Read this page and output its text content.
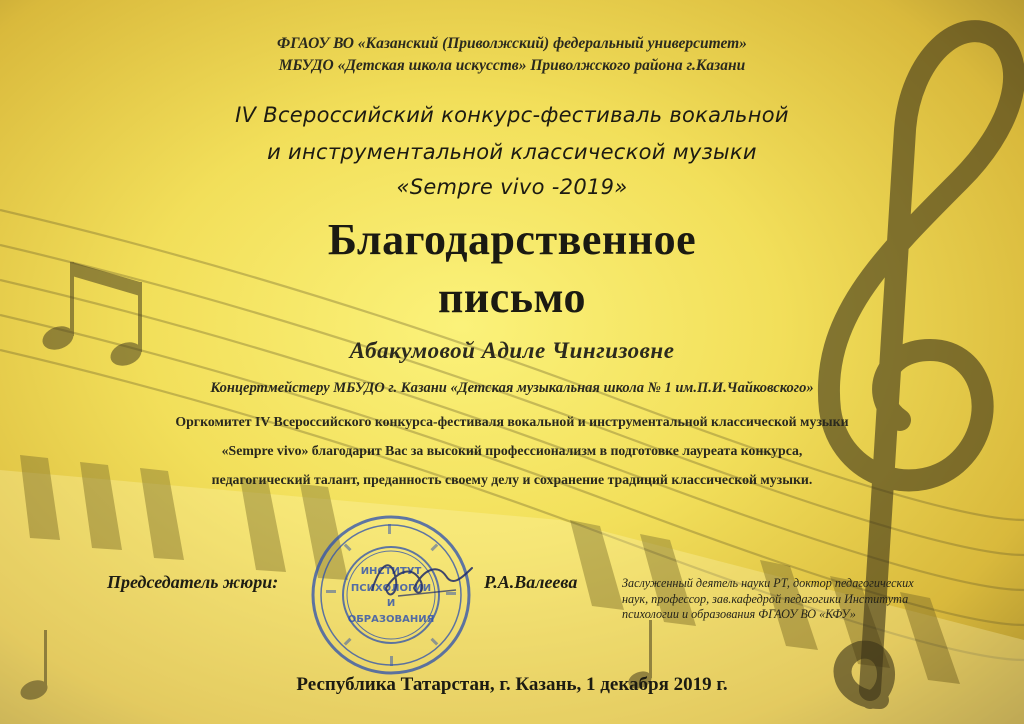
ИНСТИТУТ
ПСИХОЛОГИИ
И
ОБРАЗОВАНИЯ
ФГАОУ ВО «Казанский (Приволжский) федеральный университет»
МБУДО «Детская школа искусств» Приволжского района г.Казани
IV Всероссийский конкурс-фестиваль вокальной
и инструментальной классической музыки
«Sempre vivo -2019»
Благодарственное
письмо
Абакумовой Адиле Чингизовне
Концертмейстеру МБУДО г. Казани «Детская музыкальная школа № 1 им.П.И.Чайковского»
Оргкомитет IV Всероссийского конкурса-фестиваля вокальной и инструментальной классической музыки
«Sempre vivo» благодарит Вас за высокий профессионализм в подготовке лауреата конкурса,
педагогический талант, преданность своему делу и сохранение традиций классической музыки.
Председатель жюри:	Р.А.Валеева	Заслуженный деятель науки РТ, доктор педагогических
наук, профессор, зав.кафедрой педагогики Института
психологии и образования ФГАОУ ВО «КФУ»
Республика Татарстан, г. Казань, 1 декабря 2019 г.
